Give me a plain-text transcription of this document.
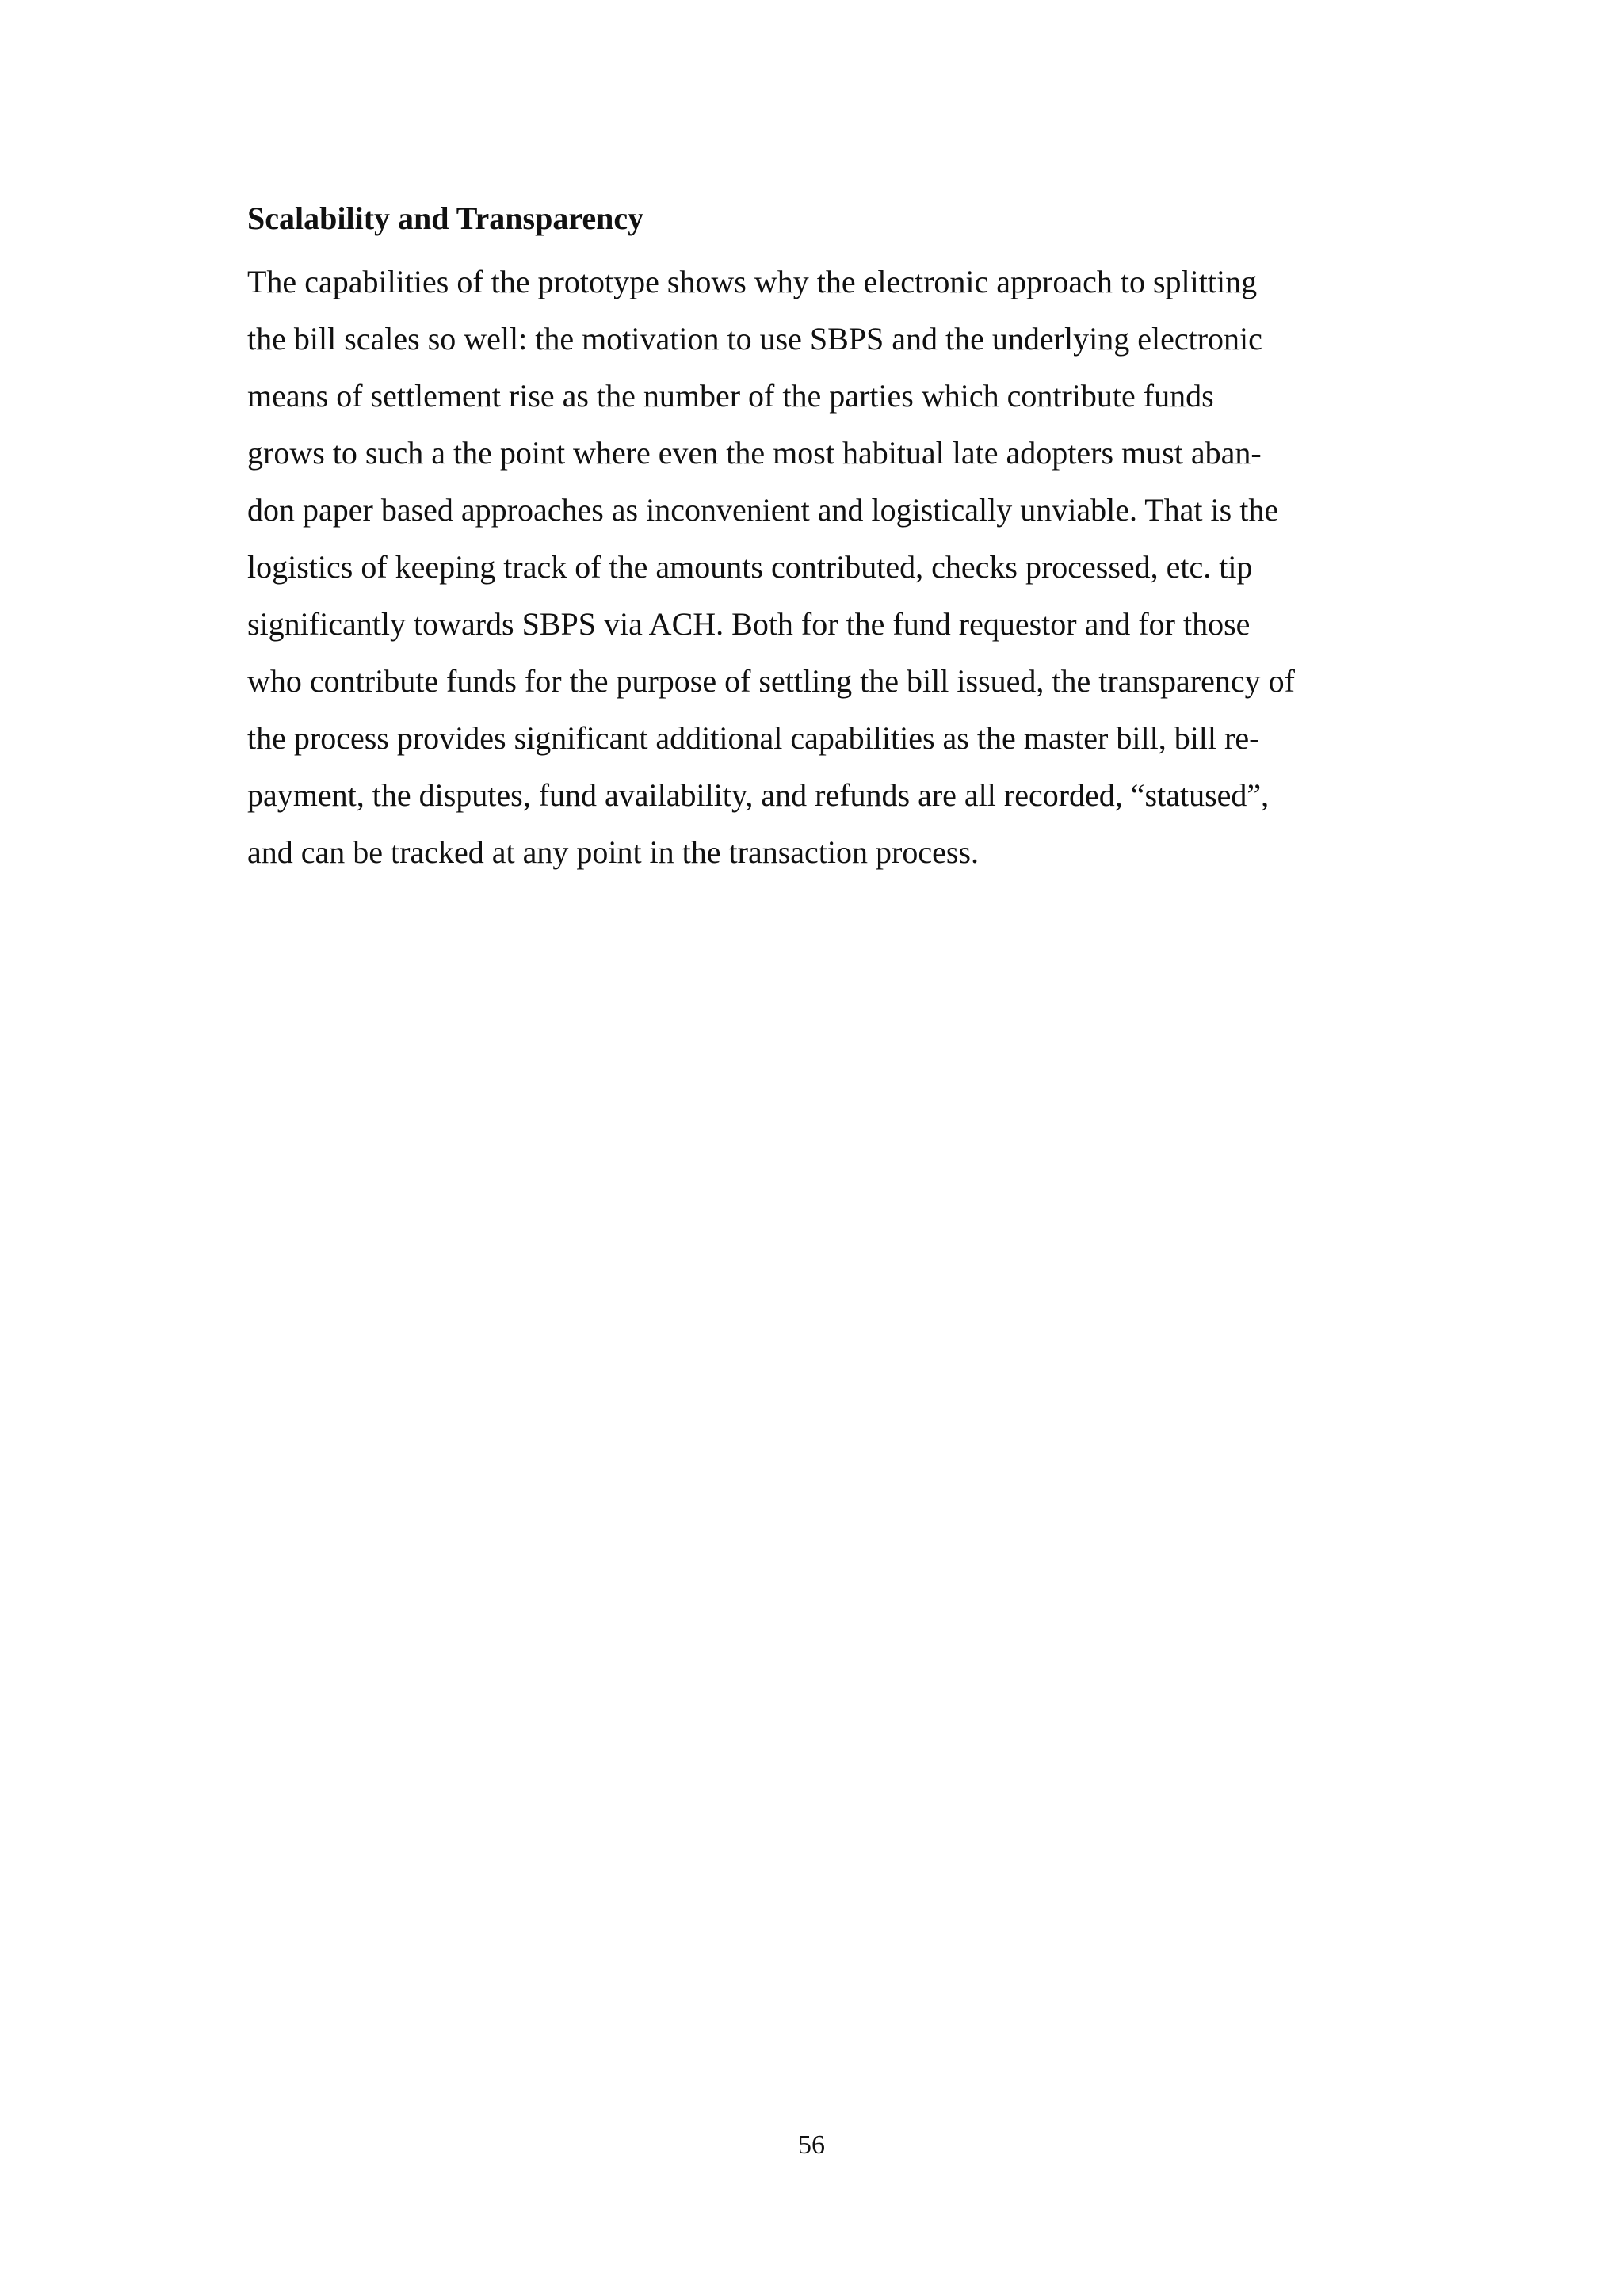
Scalability and Transparency
The capabilities of the prototype shows why the electronic approach to splitting
the bill scales so well: the motivation to use SBPS and the underlying electronic
means of settlement rise as the number of the parties which contribute funds
grows to such a the point where even the most habitual late adopters must aban-
don paper based approaches as inconvenient and logistically unviable. That is the
logistics of keeping track of the amounts contributed, checks processed, etc. tip
significantly towards SBPS via ACH. Both for the fund requestor and for those
who contribute funds for the purpose of settling the bill issued, the transparency of
the process provides significant additional capabilities as the master bill, bill re-
payment, the disputes, fund availability, and refunds are all recorded, “statused”,
and can be tracked at any point in the transaction process.
56
